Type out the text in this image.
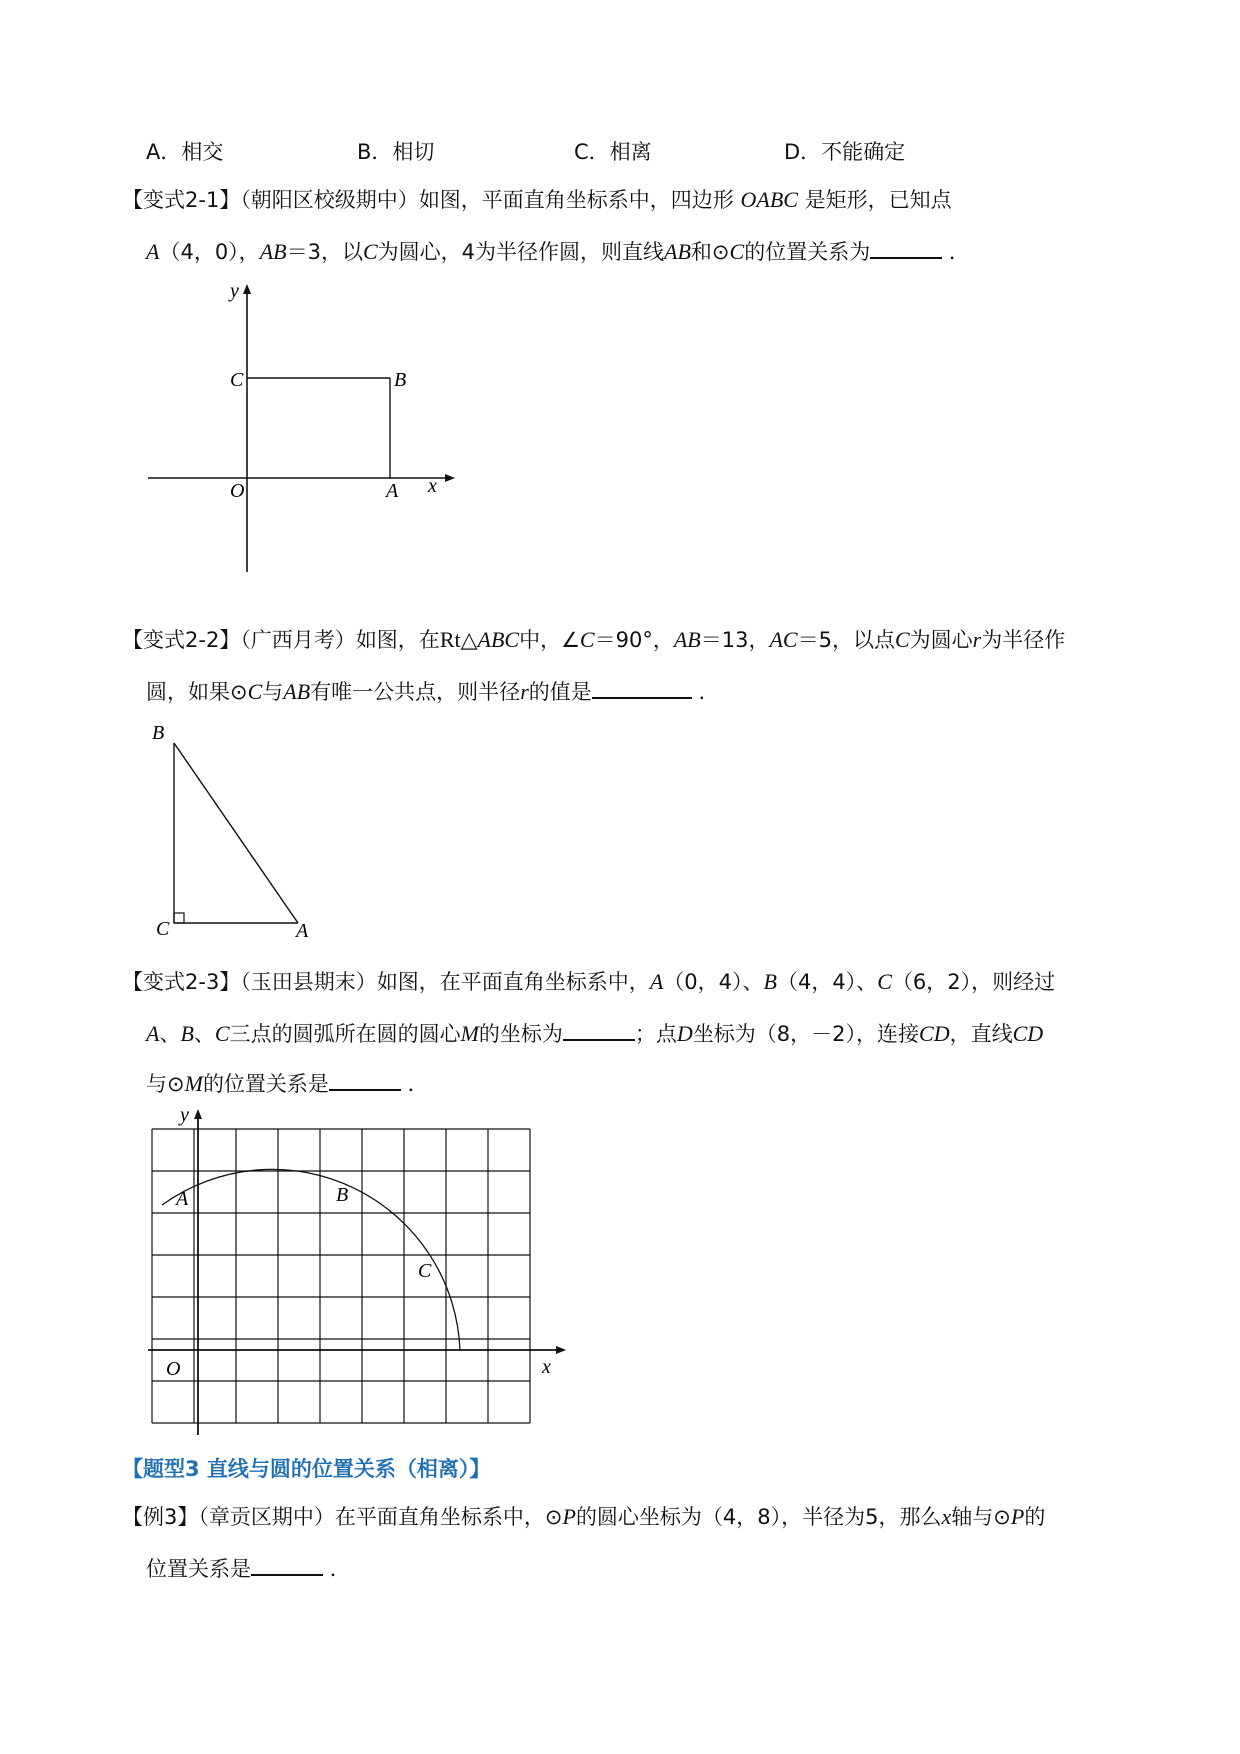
A．相交	B．相切	C．相离	D．不能确定
【变式2-1】（朝阳区校级期中）如图，平面直角坐标系中，四边形 OABC 是矩形，已知点
A（4，0），AB＝3，以C为圆心，4为半径作圆，则直线AB和⊙C的位置关系为	．
y
x
O	A
B
C
【变式2-2】（广西月考）如图，在Rt△ABC中，∠C＝90°，AB＝13，AC＝5，以点C为圆心r为半径作
圆，如果⊙C与AB有唯一公共点，则半径r的值是	．
B
C	A
【变式2-3】（玉田县期末）如图，在平面直角坐标系中，A（0，4）、B（4，4）、C（6，2），则经过
A、B、C三点的圆弧所在圆的圆心M的坐标为	；点D坐标为（8，－2），连接CD，直线CD
与⊙M的位置关系是	．
y
x
O
A	B
C
【题型3 直线与圆的位置关系（相离）】
【例3】（章贡区期中）在平面直角坐标系中，⊙P的圆心坐标为（4，8），半径为5，那么x轴与⊙P的
位置关系是	．
